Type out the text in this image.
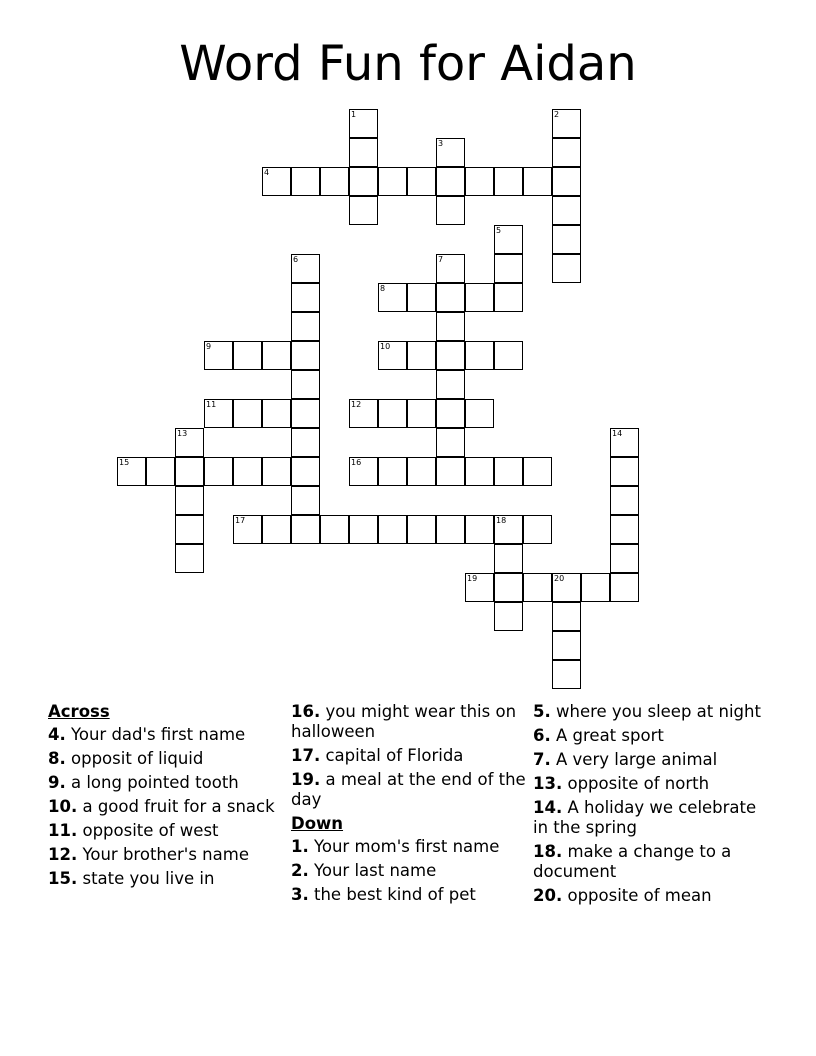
Word Fun for Aidan
1	2
3
4
5
6	7
8
9	10
11	12
13	14
15	16
17	18
19	20
Across
4. Your dad's first name
8. opposit of liquid
9. a long pointed tooth
10. a good fruit for a snack
11. opposite of west
12. Your brother's name
15. state you live in
16. you might wear this on halloween
17. capital of Florida
19. a meal at the end of the day
Down
1. Your mom's first name
2. Your last name
3. the best kind of pet
5. where you sleep at night
6. A great sport
7. A very large animal
13. opposite of north
14. A holiday we celebrate in the spring
18. make a change to a document
20. opposite of mean
